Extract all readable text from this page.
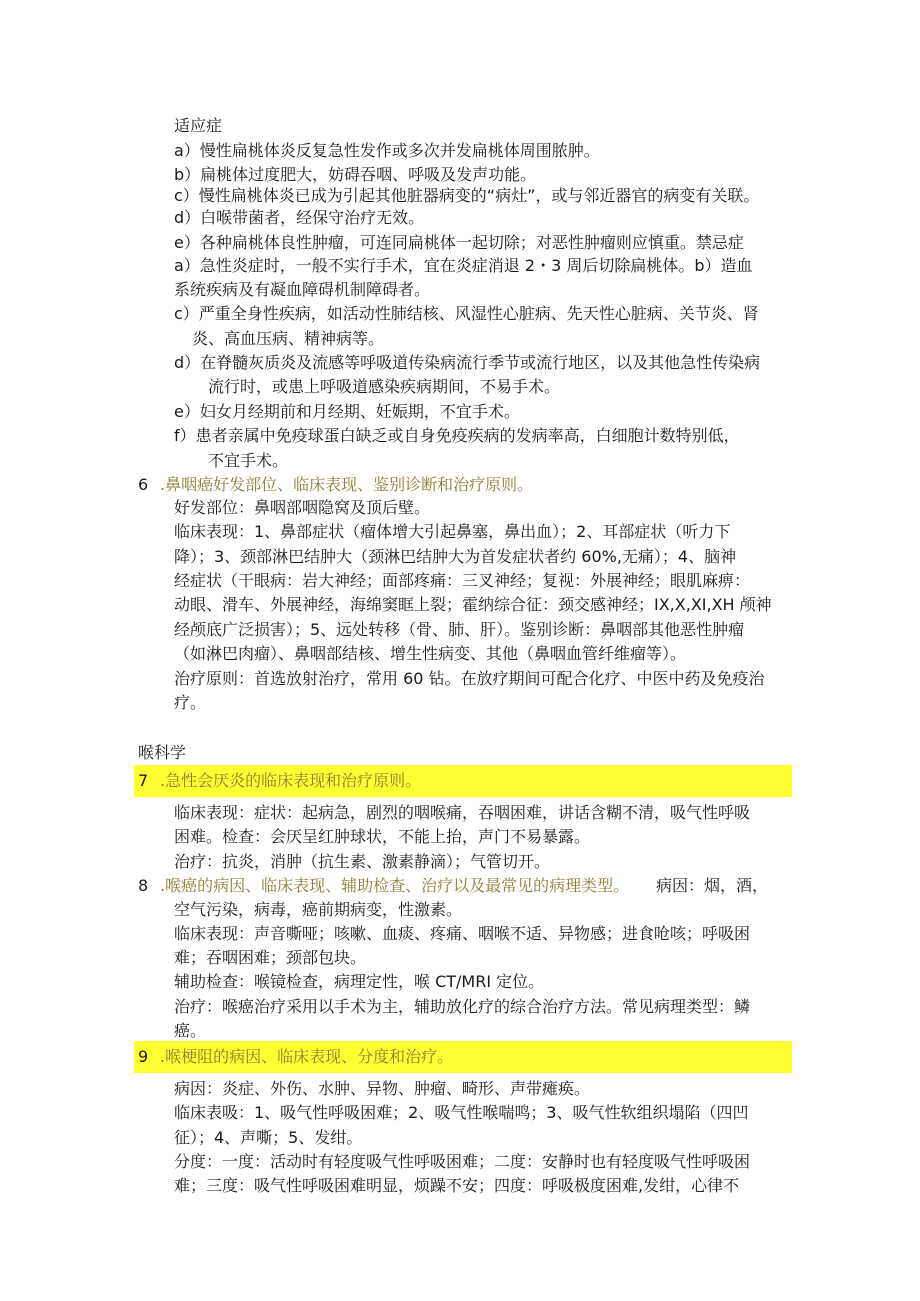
适应症
a）慢性扁桃体炎反复急性发作或多次并发扁桃体周围脓肿。
b）扁桃体过度肥大，妨碍吞咽、呼吸及发声功能。
c）慢性扁桃体炎已成为引起其他脏器病变的“病灶”，或与邻近器官的病变有关联。
d）白喉带菌者，经保守治疗无效。
e）各种扁桃体良性肿瘤，可连同扁桃体一起切除；对恶性肿瘤则应慎重。禁忌症
a）急性炎症时，一般不实行手术，宜在炎症消退 2・3 周后切除扁桃体。b）造血
系统疾病及有凝血障碍机制障碍者。
c）严重全身性疾病，如活动性肺结核、风湿性心脏病、先天性心脏病、关节炎、肾
炎、高血压病、精神病等。
d）在脊髓灰质炎及流感等呼吸道传染病流行季节或流行地区，以及其他急性传染病
流行时，或患上呼吸道感染疾病期间，不易手术。
e）妇女月经期前和月经期、妊娠期，不宜手术。
f）患者亲属中免疫球蛋白缺乏或自身免疫疾病的发病率高，白细胞计数特别低，
不宜手术。
6 .鼻咽癌好发部位、临床表现、鉴别诊断和治疗原则。
好发部位：鼻咽部咽隐窝及顶后壁。
临床表现：1、鼻部症状（瘤体增大引起鼻塞，鼻出血）；2、耳部症状（听力下
降）；3、颈部淋巴结肿大（颈淋巴结肿大为首发症状者约 60%,无痛）；4、脑神
经症状（干眼病：岩大神经；面部疼痛：三叉神经；复视：外展神经；眼肌麻痹：
动眼、滑车、外展神经，海绵窦眶上裂；霍纳综合征：颈交感神经；IX,X,XI,XH 颅神
经颅底广泛损害）；5、远处转移（骨、肺、肝）。鉴别诊断：鼻咽部其他恶性肿瘤
（如淋巴肉瘤）、鼻咽部结核、增生性病变、其他（鼻咽血管纤维瘤等）。
治疗原则：首选放射治疗，常用 60 钻。在放疗期间可配合化疗、中医中药及免疫治
疗。
喉科学
7 .急性会厌炎的临床表现和治疗原则。
临床表现：症状：起病急，剧烈的咽喉痛，吞咽困难，讲话含糊不清，吸气性呼吸
困难。检查：会厌呈红肿球状，不能上抬，声门不易暴露。
治疗：抗炎，消肿（抗生素、激素静滴）；气管切开。
8 .喉癌的病因、临床表现、辅助检查、治疗以及最常见的病理类型。 病因：烟，酒，
空气污染，病毒，癌前期病变，性激素。
临床表现：声音嘶哑；咳嗽、血痰、疼痛、咽喉不适、异物感；进食呛咳；呼吸困
难；吞咽困难；颈部包块。
辅助检查：喉镜检查，病理定性，喉 CT/MRI 定位。
治疗：喉癌治疗采用以手术为主，辅助放化疗的综合治疗方法。常见病理类型：鳞
癌。
9 .喉梗阻的病因、临床表现、分度和治疗。
病因：炎症、外伤、水肿、异物、肿瘤、畸形、声带瘫痪。
临床表吸：1、吸气性呼吸困难；2、吸气性喉喘鸣；3、吸气性软组织塌陷（四凹
征）；4、声嘶；5、发绀。
分度：一度：活动时有轻度吸气性呼吸困难；二度：安静时也有轻度吸气性呼吸困
难；三度：吸气性呼吸困难明显，烦躁不安；四度：呼吸极度困难,发绀，心律不
